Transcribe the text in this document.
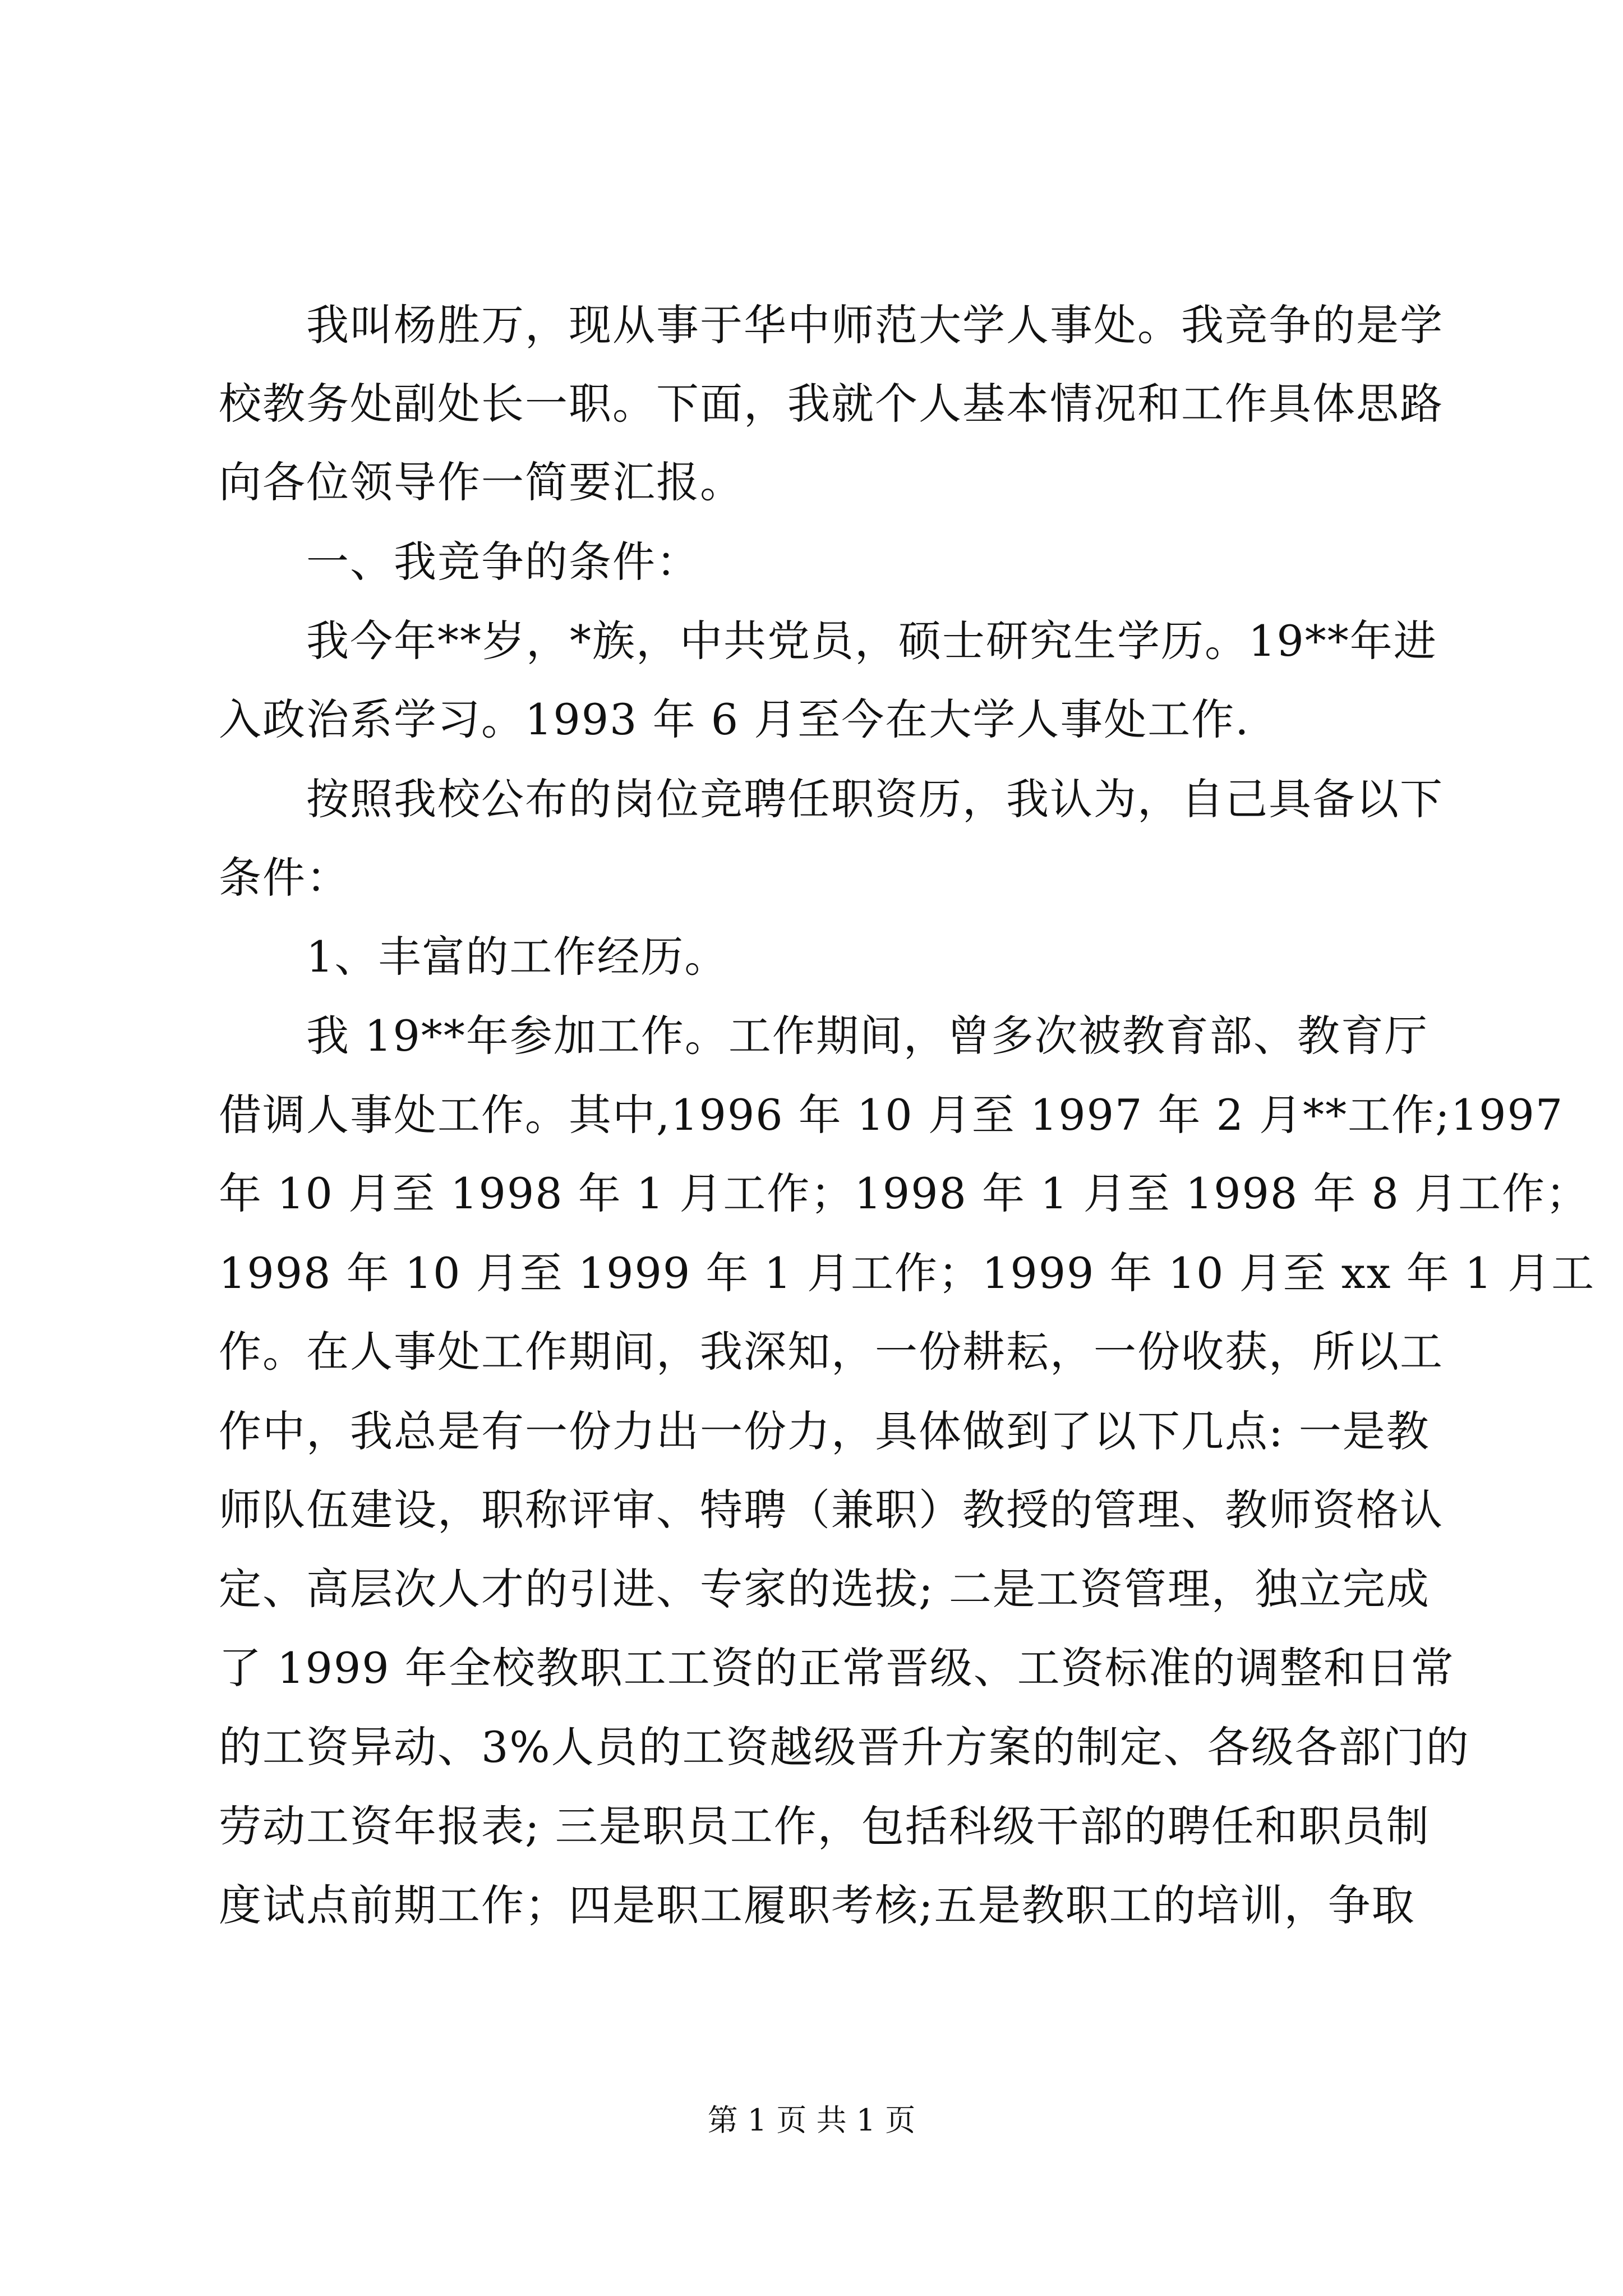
　　我叫杨胜万，现从事于华中师范大学人事处。我竞争的是学
校教务处副处长一职。下面，我就个人基本情况和工作具体思路
向各位领导作一简要汇报。
　　一、我竞争的条件：
　　我今年**岁，*族，中共党员，硕士研究生学历。19**年进
入政治系学习。1993 年 6 月至今在大学人事处工作.
　　按照我校公布的岗位竞聘任职资历，我认为，自己具备以下
条件：
　　1、丰富的工作经历。
　　我 19**年参加工作。工作期间，曾多次被教育部、教育厅
借调人事处工作。其中,1996 年 10 月至 1997 年 2 月**工作;1997
年 10 月至 1998 年 1 月工作；1998 年 1 月至 1998 年 8 月工作；
1998 年 10 月至 1999 年 1 月工作；1999 年 10 月至 xx 年 1 月工
作。在人事处工作期间，我深知，一份耕耘，一份收获，所以工
作中，我总是有一份力出一份力，具体做到了以下几点: 一是教
师队伍建设，职称评审、特聘（兼职）教授的管理、教师资格认
定、高层次人才的引进、专家的选拔; 二是工资管理，独立完成
了 1999 年全校教职工工资的正常晋级、工资标准的调整和日常
的工资异动、3%人员的工资越级晋升方案的制定、各级各部门的
劳动工资年报表; 三是职员工作，包括科级干部的聘任和职员制
度试点前期工作；四是职工履职考核;五是教职工的培训，争取
第 1 页 共 1 页
